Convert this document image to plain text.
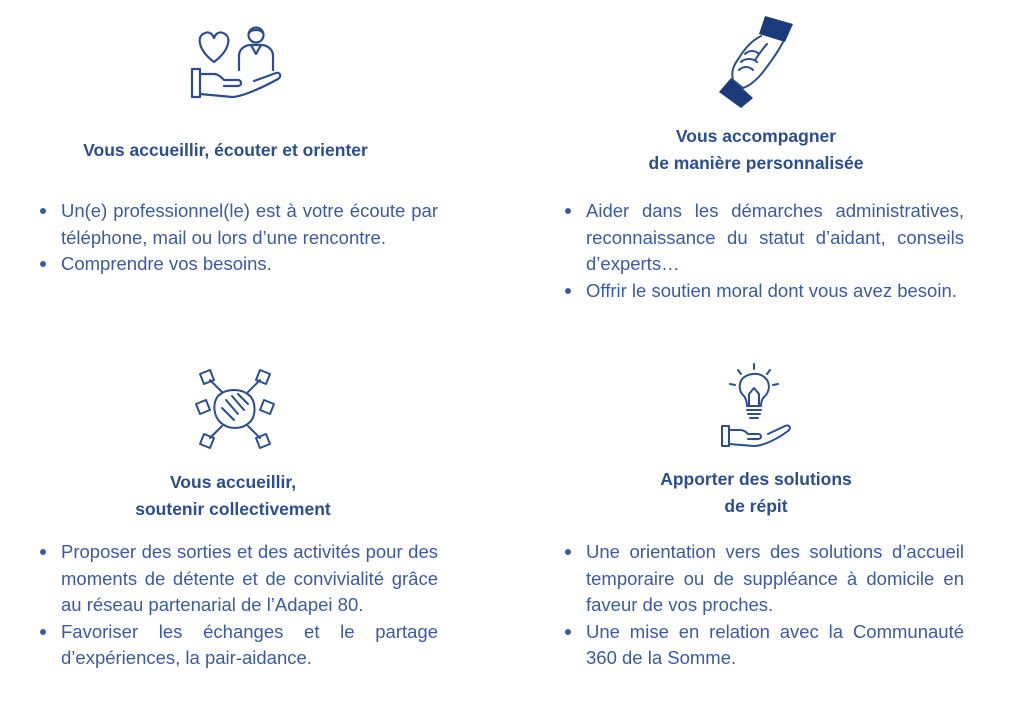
Vous accueillir, écouter et orienter
Un(e) professionnel(le) est à votre écoute par téléphone, mail ou lors d’une rencontre.
Comprendre vos besoins.
Vous accompagner
de manière personnalisée
Aider dans les démarches administratives, reconnaissance du statut d’aidant, conseils d’experts…
Offrir le soutien moral dont vous avez besoin.
Vous accueillir,
soutenir collectivement
Proposer des sorties et des activités pour des moments de détente et de convivialité grâce au réseau partenarial de l’Adapei 80.
Favoriser les échanges et le partage d’expériences, la pair-aidance.
Apporter des solutions
de répit
Une orientation vers des solutions d’accueil temporaire ou de suppléance à domicile en faveur de vos proches.
Une mise en relation avec la Communauté 360 de la Somme.
